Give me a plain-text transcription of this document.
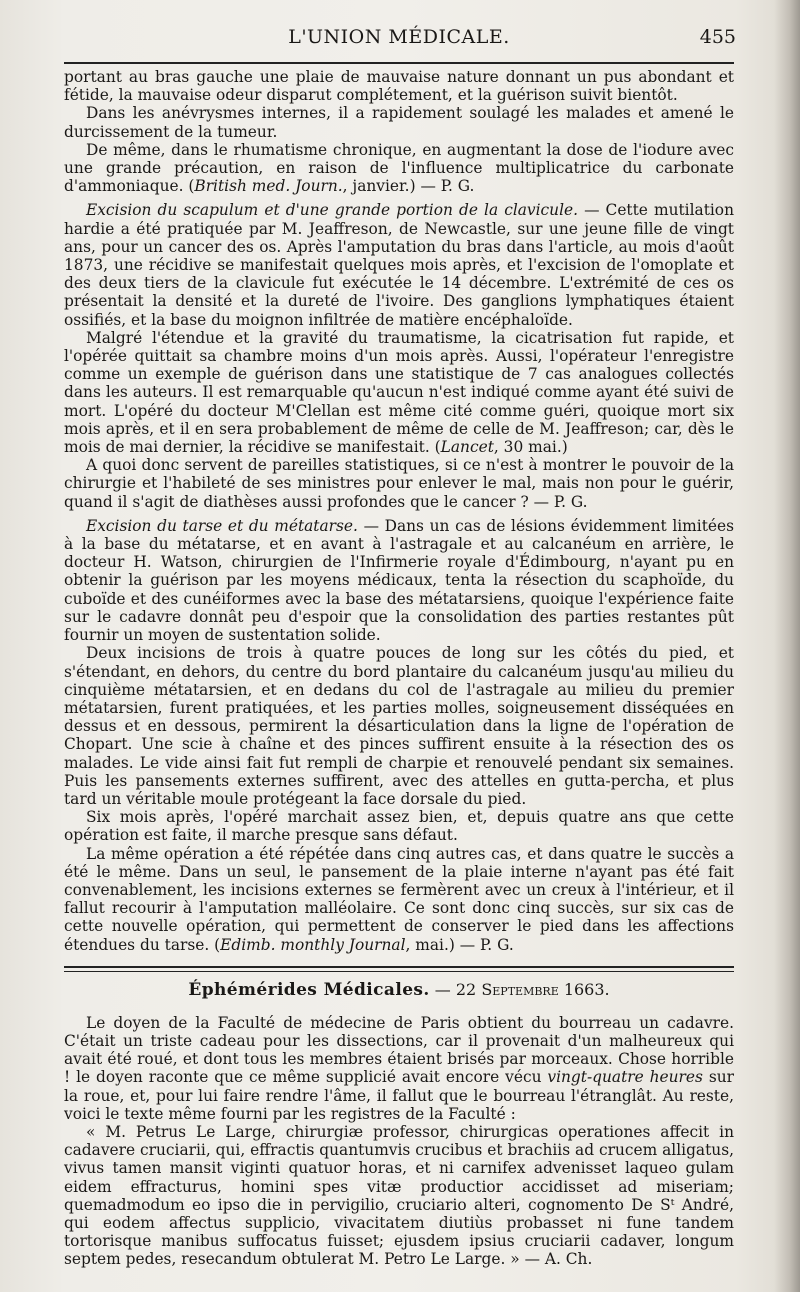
L'UNION MÉDICALE.	455

portant au bras gauche une plaie de mauvaise nature donnant un pus abondant et fétide, la mauvaise odeur disparut complétement, et la guérison suivit bientôt.

Dans les anévrysmes internes, il a rapidement soulagé les malades et amené le durcissement de la tumeur.

De même, dans le rhumatisme chronique, en augmentant la dose de l'iodure avec une grande précaution, en raison de l'influence multiplicatrice du carbonate d'ammoniaque. (British med. Journ., janvier.) — P. G.

Excision du scapulum et d'une grande portion de la clavicule. — Cette mutilation hardie a été pratiquée par M. Jeaffreson, de Newcastle, sur une jeune fille de vingt ans, pour un cancer des os. Après l'amputation du bras dans l'article, au mois d'août 1873, une récidive se manifestait quelques mois après, et l'excision de l'omoplate et des deux tiers de la clavicule fut exécutée le 14 décembre. L'extrémité de ces os présentait la densité et la dureté de l'ivoire. Des ganglions lymphatiques étaient ossifiés, et la base du moignon infiltrée de matière encéphaloïde.

Malgré l'étendue et la gravité du traumatisme, la cicatrisation fut rapide, et l'opérée quittait sa chambre moins d'un mois après. Aussi, l'opérateur l'enregistre comme un exemple de guérison dans une statistique de 7 cas analogues collectés dans les auteurs. Il est remarquable qu'aucun n'est indiqué comme ayant été suivi de mort. L'opéré du docteur M'Clellan est même cité comme guéri, quoique mort six mois après, et il en sera probablement de même de celle de M. Jeaffreson; car, dès le mois de mai dernier, la récidive se manifestait. (Lancet, 30 mai.)

A quoi donc servent de pareilles statistiques, si ce n'est à montrer le pouvoir de la chirurgie et l'habileté de ses ministres pour enlever le mal, mais non pour le guérir, quand il s'agit de diathèses aussi profondes que le cancer ? — P. G.

Excision du tarse et du métatarse. — Dans un cas de lésions évidemment limitées à la base du métatarse, et en avant à l'astragale et au calcanéum en arrière, le docteur H. Watson, chirurgien de l'Infirmerie royale d'Édimbourg, n'ayant pu en obtenir la guérison par les moyens médicaux, tenta la résection du scaphoïde, du cuboïde et des cunéiformes avec la base des métatarsiens, quoique l'expérience faite sur le cadavre donnât peu d'espoir que la consolidation des parties restantes pût fournir un moyen de sustentation solide.

Deux incisions de trois à quatre pouces de long sur les côtés du pied, et s'étendant, en dehors, du centre du bord plantaire du calcanéum jusqu'au milieu du cinquième métatarsien, et en dedans du col de l'astragale au milieu du premier métatarsien, furent pratiquées, et les parties molles, soigneusement disséquées en dessus et en dessous, permirent la désarticulation dans la ligne de l'opération de Chopart. Une scie à chaîne et des pinces suffirent ensuite à la résection des os malades. Le vide ainsi fait fut rempli de charpie et renouvelé pendant six semaines. Puis les pansements externes suffirent, avec des attelles en gutta-percha, et plus tard un véritable moule protégeant la face dorsale du pied.

Six mois après, l'opéré marchait assez bien, et, depuis quatre ans que cette opération est faite, il marche presque sans défaut.

La même opération a été répétée dans cinq autres cas, et dans quatre le succès a été le même. Dans un seul, le pansement de la plaie interne n'ayant pas été fait convenablement, les incisions externes se fermèrent avec un creux à l'intérieur, et il fallut recourir à l'amputation malléolaire. Ce sont donc cinq succès, sur six cas de cette nouvelle opération, qui permettent de conserver le pied dans les affections étendues du tarse. (Edimb. monthly Journal, mai.) — P. G.

Éphémérides Médicales. — 22 Septembre 1663.

Le doyen de la Faculté de médecine de Paris obtient du bourreau un cadavre. C'était un triste cadeau pour les dissections, car il provenait d'un malheureux qui avait été roué, et dont tous les membres étaient brisés par morceaux. Chose horrible ! le doyen raconte que ce même supplicié avait encore vécu vingt-quatre heures sur la roue, et, pour lui faire rendre l'âme, il fallut que le bourreau l'étranglât. Au reste, voici le texte même fourni par les registres de la Faculté :

« M. Petrus Le Large, chirurgiæ professor, chirurgicas operationes affecit in cadavere cruciarii, qui, effractis quantumvis crucibus et brachiis ad crucem alligatus, vivus tamen mansit viginti quatuor horas, et ni carnifex advenisset laqueo gulam eidem effracturus, homini spes vitæ productior accidisset ad miseriam; quemadmodum eo ipso die in pervigilio, cruciario alteri, cognomento De Sᵗ André, qui eodem affectus supplicio, vivacitatem diutiùs probasset ni fune tandem tortorisque manibus suffocatus fuisset; ejusdem ipsius cruciarii cadaver, longum septem pedes, resecandum obtulerat M. Petro Le Large. » — A. Ch.
